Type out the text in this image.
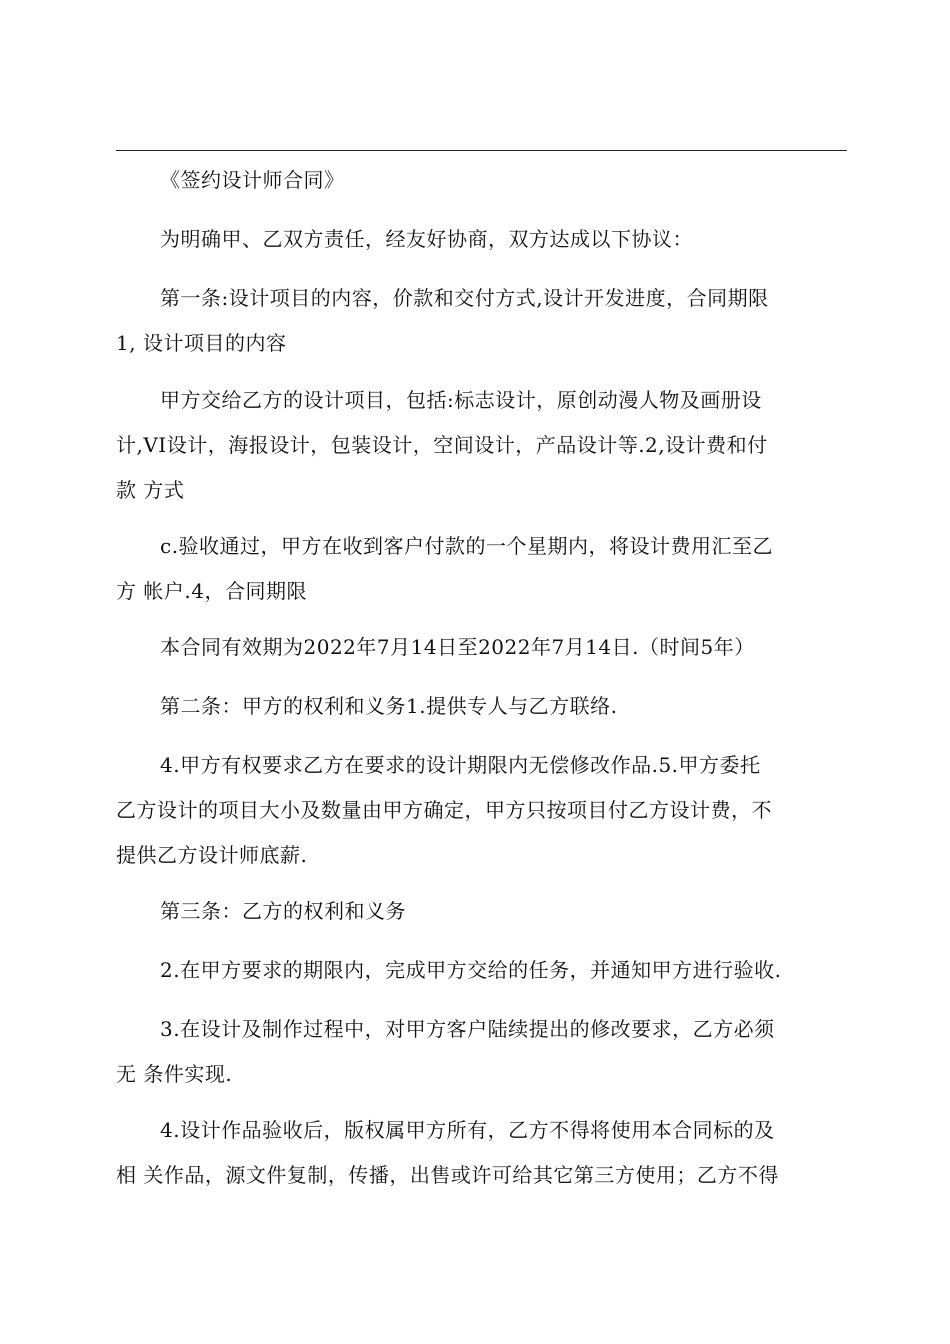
《签约设计师合同》

为明确甲、乙双方责任，经友好协商，双方达成以下协议：

第一条:设计项目的内容，价款和交付方式,设计开发进度，合同期限
1, 设计项目的内容

甲方交给乙方的设计项目，包括:标志设计，原创动漫人物及画册设
计,VI设计，海报设计，包装设计，空间设计，产品设计等.2,设计费和付
款 方式

c.验收通过，甲方在收到客户付款的一个星期内，将设计费用汇至乙
方 帐户.4，合同期限

本合同有效期为2022年7月14日至2022年7月14日.（时间5年）

第二条：甲方的权利和义务1.提供专人与乙方联络.

4.甲方有权要求乙方在要求的设计期限内无偿修改作品.5.甲方委托
乙方设计的项目大小及数量由甲方确定，甲方只按项目付乙方设计费，不
提供乙方设计师底薪.

第三条：乙方的权利和义务

2.在甲方要求的期限内，完成甲方交给的任务，并通知甲方进行验收.

3.在设计及制作过程中，对甲方客户陆续提出的修改要求，乙方必须
无 条件实现.

4.设计作品验收后，版权属甲方所有，乙方不得将使用本合同标的及
相 关作品，源文件复制，传播，出售或许可给其它第三方使用；乙方不得
